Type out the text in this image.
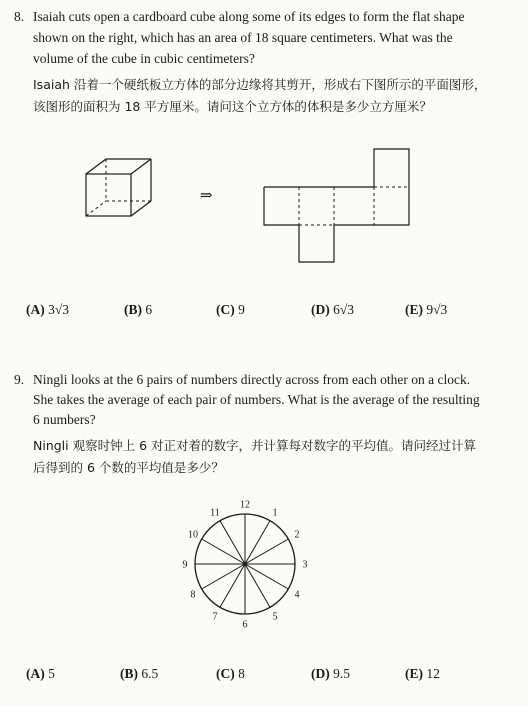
8. Isaiah cuts open a cardboard cube along some of its edges to form the flat shape
shown on the right, which has an area of 18 square centimeters. What was the
volume of the cube in cubic centimeters?
Isaiah 沿着一个硬纸板立方体的部分边缘将其剪开，形成右下图所示的平面图形，
该图形的面积为 18 平方厘米。请问这个立方体的体积是多少立方厘米？
⇒
(A) 3√3	(B) 6	(C) 9	(D) 6√3	(E) 9√3
9. Ningli looks at the 6 pairs of numbers directly across from each other on a clock.
She takes the average of each pair of numbers. What is the average of the resulting
6 numbers?
Ningli 观察时钟上 6 对正对着的数字，并计算每对数字的平均值。请问经过计算
后得到的 6 个数的平均值是多少？
12
1
2
3
4
5
6
7
8
9
10
11
(A) 5	(B) 6.5	(C) 8	(D) 9.5	(E) 12
